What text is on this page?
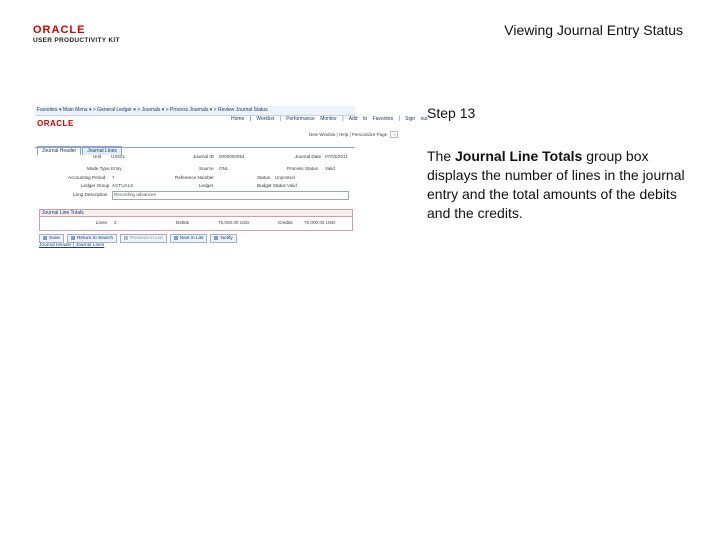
ORACLE
USER PRODUCTIVITY KIT
Viewing Journal Entry Status
Favorites ▾ Main Menu ▾ > General Ledger ▾ > Journals ▾ > Process Journals ▾ > Review Journal Status
ORACLE	Home | Worklist | Performance Monitor | Add to Favorites | Sign out
New Window | Help | Personalize Page ▫
Journal Header Journal Lines
Unit US001	Journal ID 0000000054	Journal Date 07/03/2011
Mode Type Entry	Source ONL	Process Status Valid
Accounting Period 7	Reference Number	Status Unposted
Ledger Group ACTUALS	Ledger	Budget Status Valid
Long Description	Recording advances
Journal Line Totals
Lines 2	Debits	75,000.00 USD	Credits 75,000.00 USD
Save	Return to Search	Previous in List	Next in List	Notify
Journal Header | Journal Lines
Step 13
The Journal Line Totals group box displays the number of lines in the journal entry and the total amounts of the debits and the credits.
